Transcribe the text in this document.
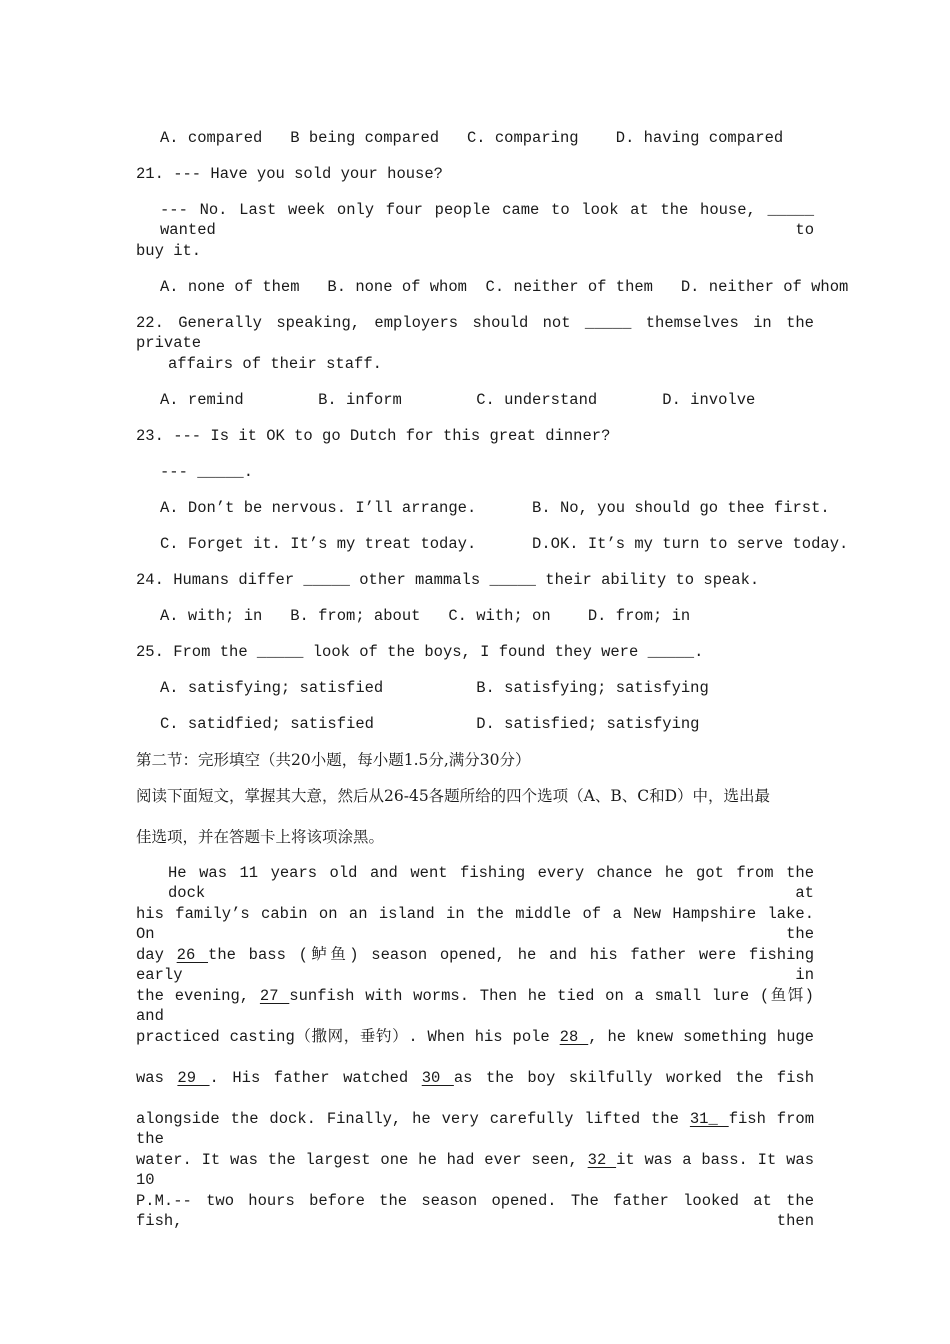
A. compared   B being compared   C. comparing    D. having compared
21. --- Have you sold your house?
--- No. Last week only four people came to look at the house, _____ wanted to
buy it.
A. none of them   B. none of whom  C. neither of them   D. neither of whom
22. Generally speaking, employers should not _____ themselves in the private
affairs of their staff.
A. remind        B. inform        C. understand       D. involve
23. --- Is it OK to go Dutch for this great dinner?
--- _____.
A. Don’t be nervous. I’ll arrange.      B. No, you should go thee first.
C. Forget it. It’s my treat today.      D.OK. It’s my turn to serve today.
24. Humans differ _____ other mammals _____ their ability to speak.
A. with; in   B. from; about   C. with; on    D. from; in
25. From the _____ look of the boys, I found they were _____.
A. satisfying; satisfied          B. satisfying; satisfying
C. satidfied; satisfied           D. satisfied; satisfying
第二节：完形填空（共20小题，每小题1.5分,满分30分）
阅读下面短文，掌握其大意，然后从26-45各题所给的四个选项（A、B、C和D）中，选出最
佳选项，并在答题卡上将该项涂黑。
He was 11 years old and went fishing every chance he got from the dock at
his family’s cabin on an island in the middle of a New Hampshire lake. On the
day 26 the bass (鲈鱼) season opened, he and his father were fishing early in
the evening, 27 sunfish with worms. Then he tied on a small lure (鱼饵) and
practiced casting（撒网，垂钓）. When his pole 28 , he knew something huge
was 29 . His father watched 30 as the boy skilfully worked the fish
alongside the dock. Finally, he very carefully lifted the 31_ fish from the
water. It was the largest one he had ever seen, 32 it was a bass. It was 10
P.M.-- two hours before the season opened. The father looked at the fish, then
